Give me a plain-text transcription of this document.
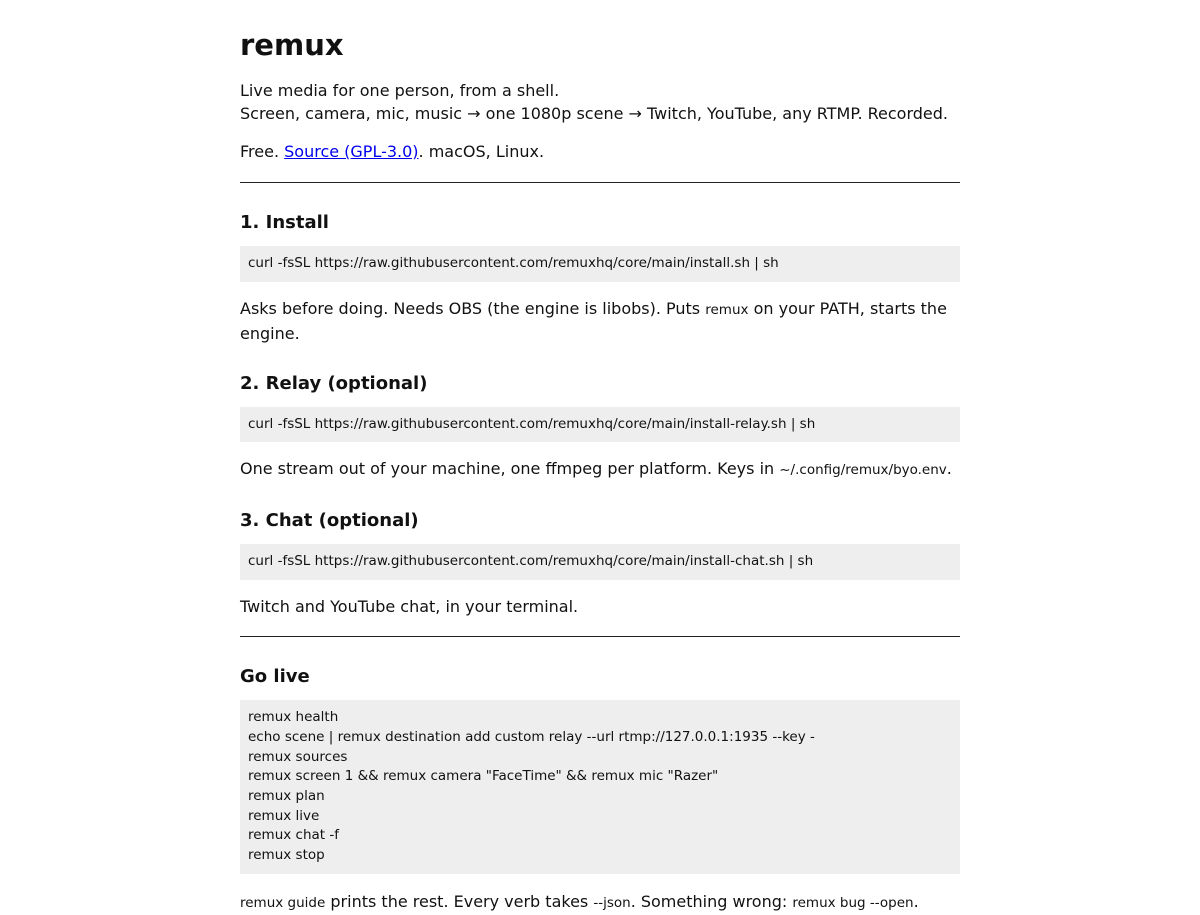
remux

Live media for one person, from a shell.
Screen, camera, mic, music → one 1080p scene → Twitch, YouTube, any RTMP. Recorded.

Free. Source (GPL-3.0). macOS, Linux.

1. Install
curl -fsSL https://raw.githubusercontent.com/remuxhq/core/main/install.sh | sh

Asks before doing. Needs OBS (the engine is libobs). Puts remux on your PATH, starts the engine.

2. Relay (optional)
curl -fsSL https://raw.githubusercontent.com/remuxhq/core/main/install-relay.sh | sh

One stream out of your machine, one ffmpeg per platform. Keys in ~/.config/remux/byo.env.

3. Chat (optional)
curl -fsSL https://raw.githubusercontent.com/remuxhq/core/main/install-chat.sh | sh

Twitch and YouTube chat, in your terminal.

Go live
remux health
echo scene | remux destination add custom relay --url rtmp://127.0.0.1:1935 --key -
remux sources
remux screen 1 && remux camera "FaceTime" && remux mic "Razer"
remux plan
remux live
remux chat -f
remux stop

remux guide prints the rest. Every verb takes --json. Something wrong: remux bug --open.
